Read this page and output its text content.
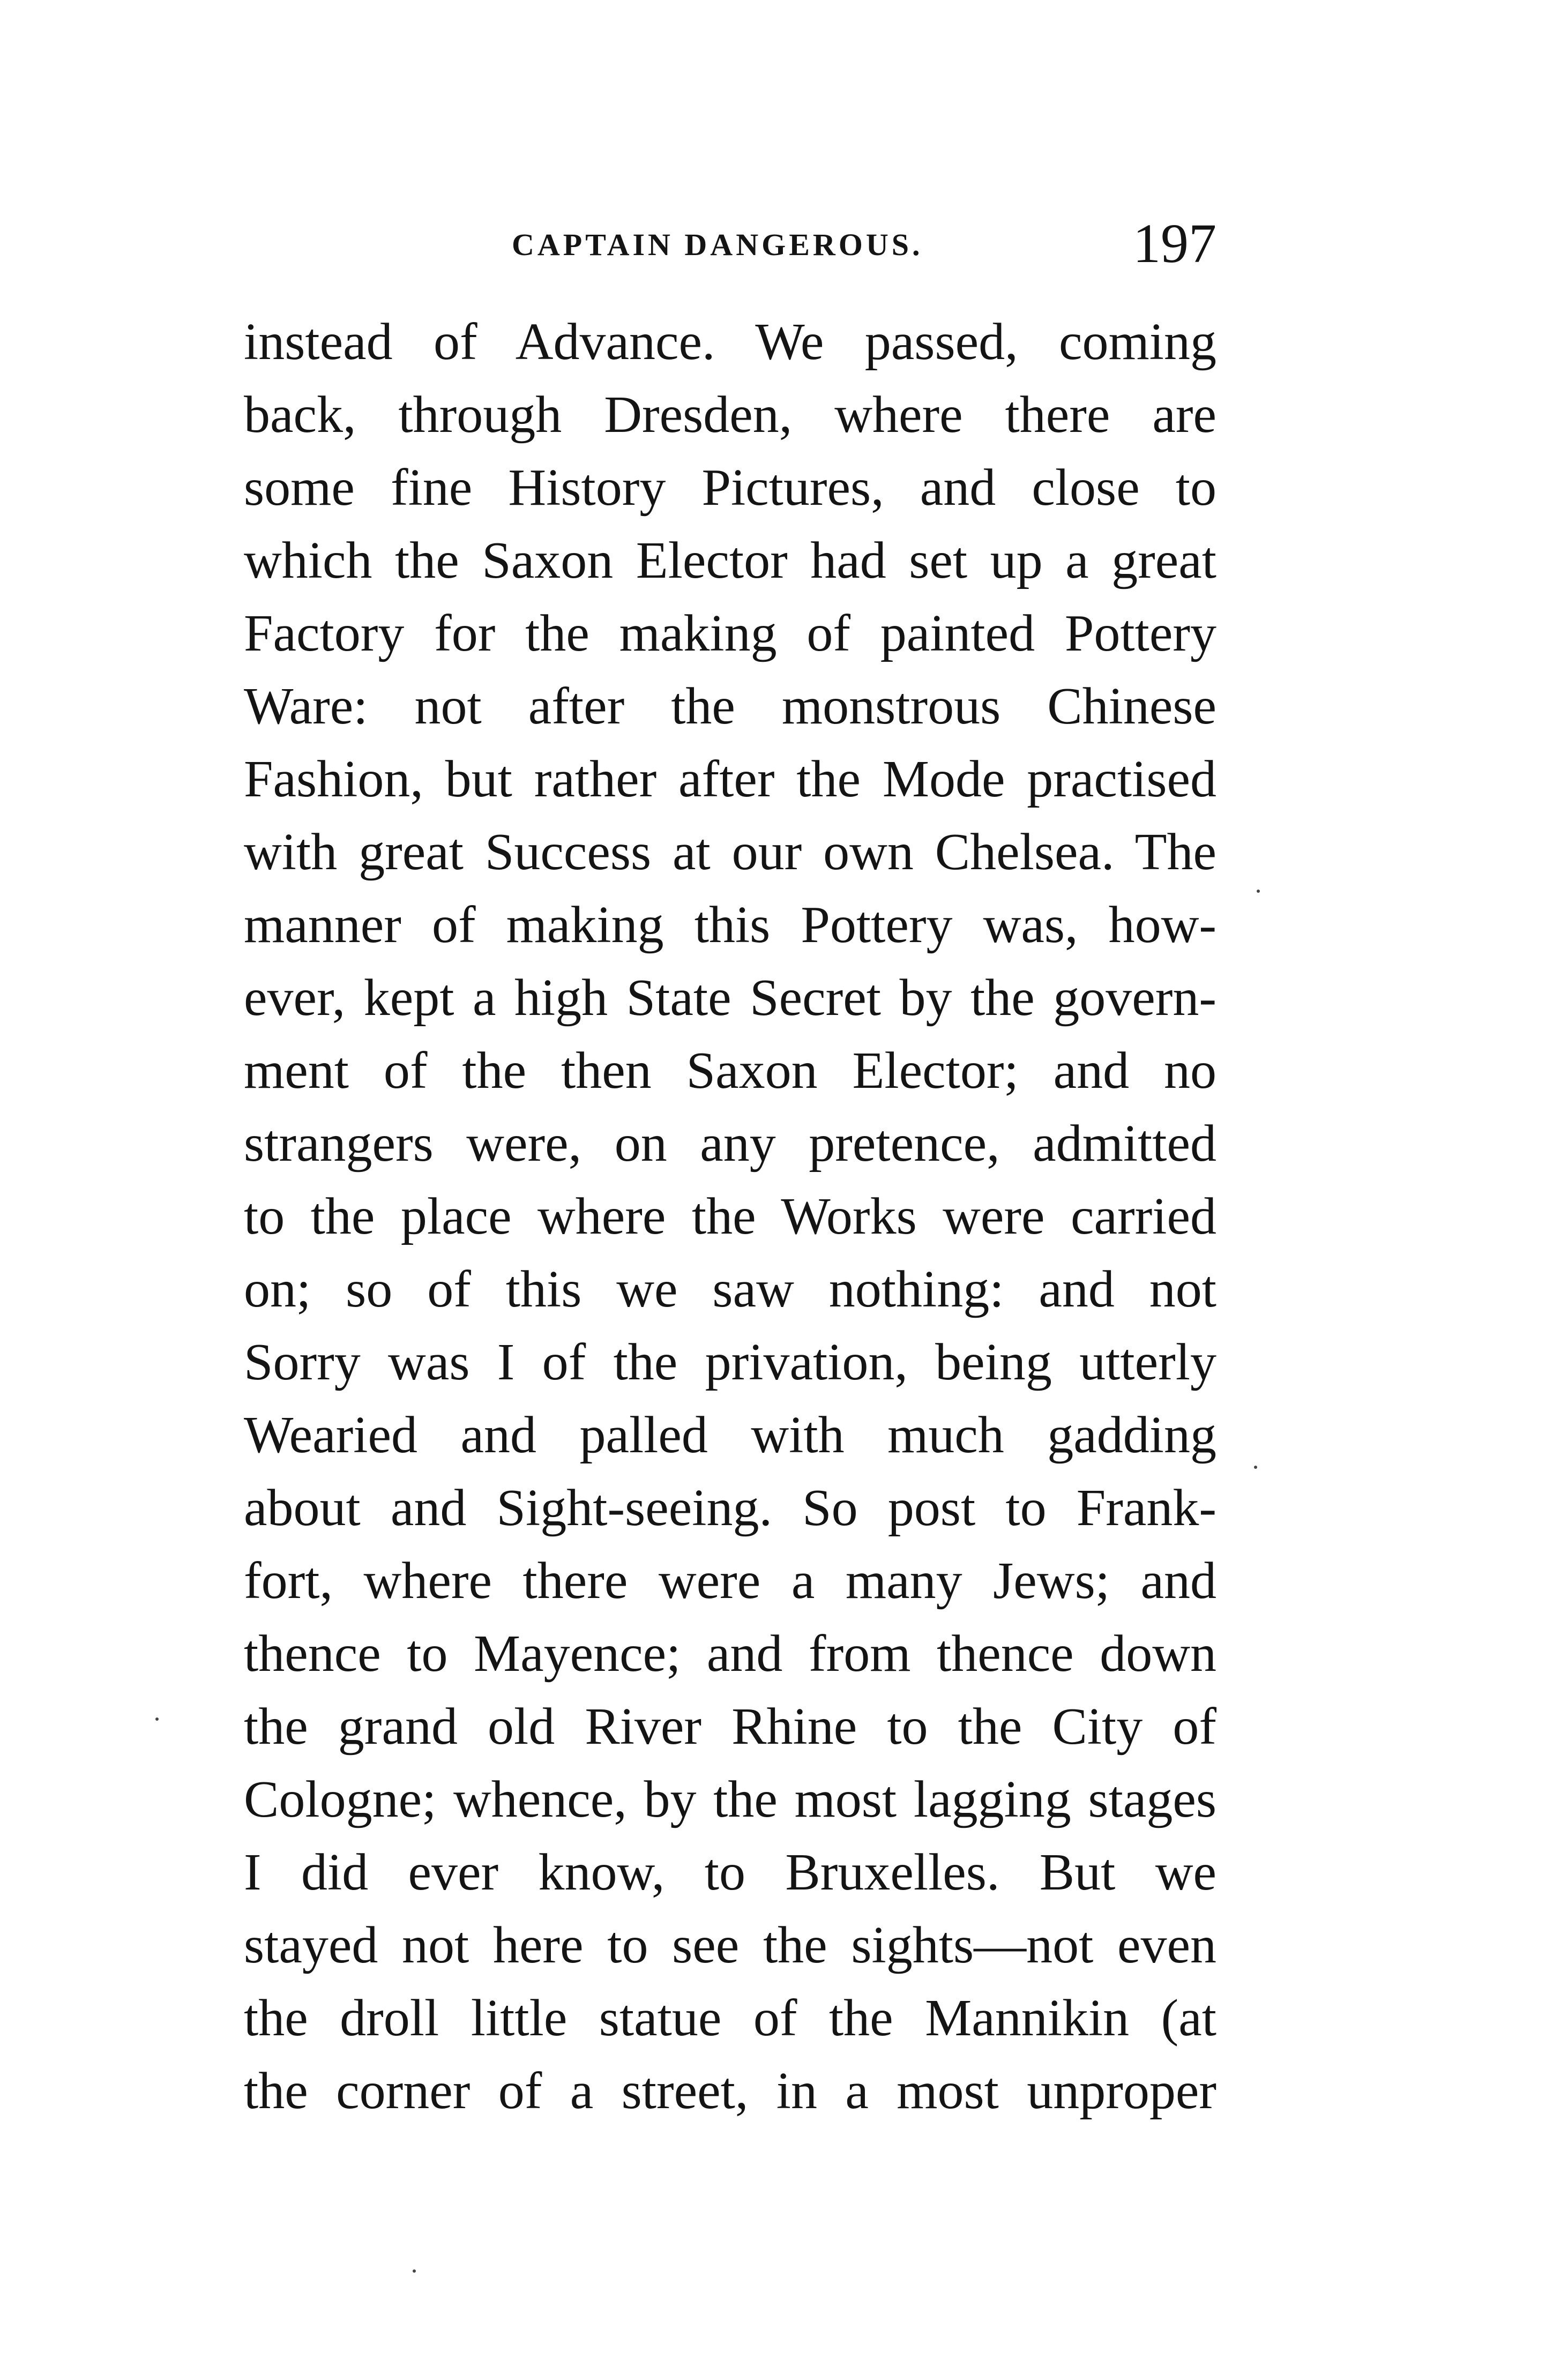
CAPTAIN DANGEROUS.	197
instead of Advance. We passed, coming
back, through Dresden, where there are
some fine History Pictures, and close to
which the Saxon Elector had set up a great
Factory for the making of painted Pottery
Ware: not after the monstrous Chinese
Fashion, but rather after the Mode practised
with great Success at our own Chelsea. The
manner of making this Pottery was, how-
ever, kept a high State Secret by the govern-
ment of the then Saxon Elector; and no
strangers were, on any pretence, admitted
to the place where the Works were carried
on; so of this we saw nothing: and not
Sorry was I of the privation, being utterly
Wearied and palled with much gadding
about and Sight-seeing. So post to Frank-
fort, where there were a many Jews; and
thence to Mayence; and from thence down
the grand old River Rhine to the City of
Cologne; whence, by the most lagging stages
I did ever know, to Bruxelles. But we
stayed not here to see the sights—not even
the droll little statue of the Mannikin (at
the corner of a street, in a most unproper
